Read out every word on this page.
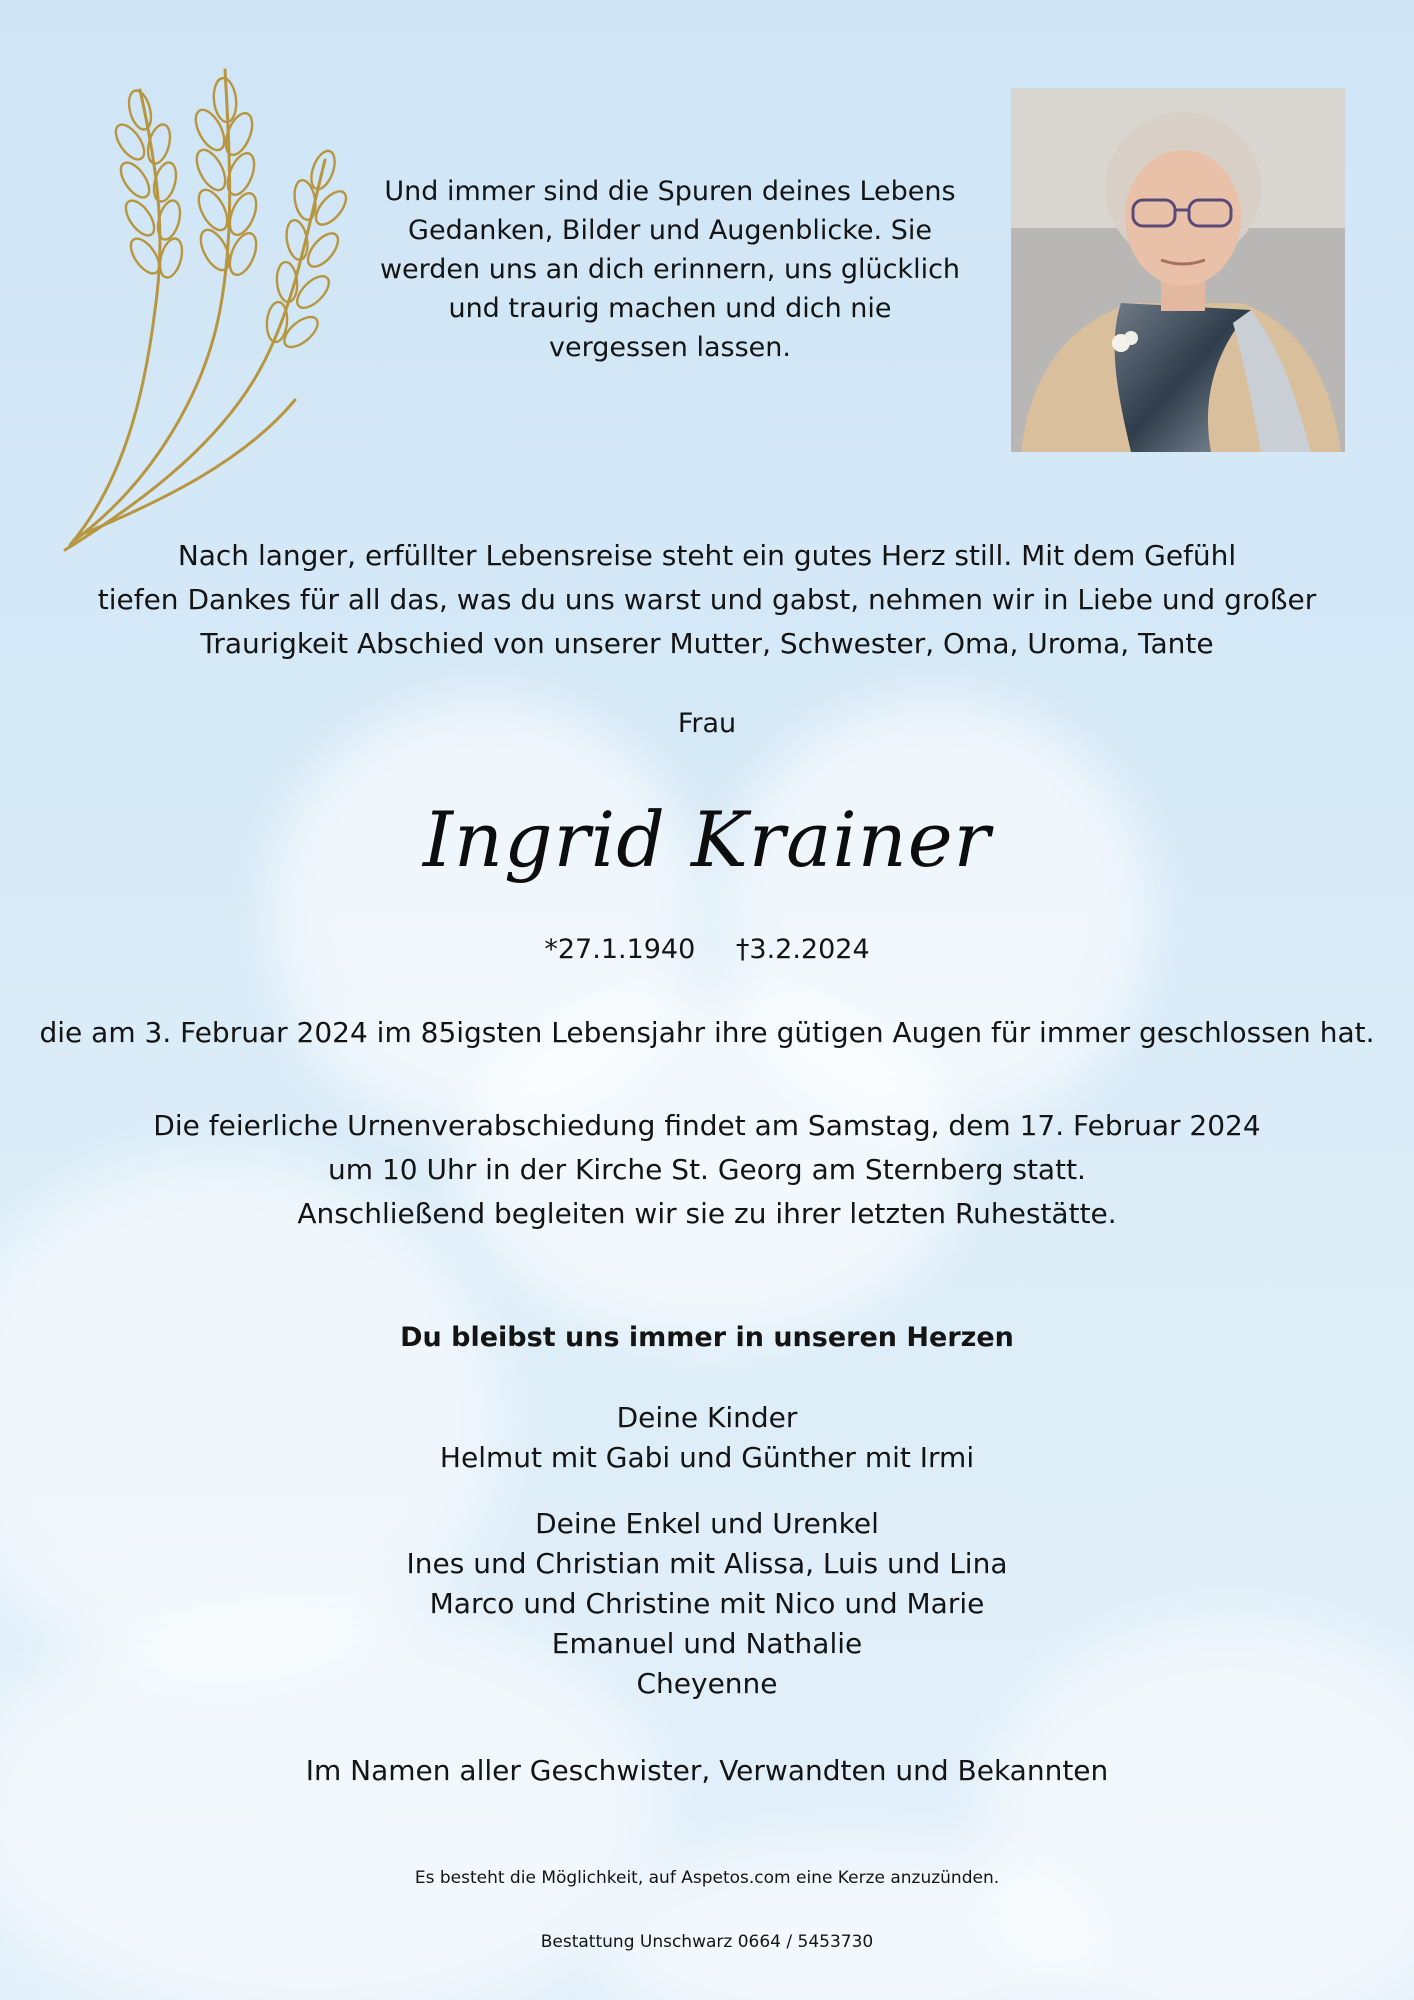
Und immer sind die Spuren deines Lebens
Gedanken, Bilder und Augenblicke. Sie
werden uns an dich erinnern, uns glücklich
und traurig machen und dich nie
vergessen lassen.
Nach langer, erfüllter Lebensreise steht ein gutes Herz still. Mit dem Gefühl
tiefen Dankes für all das, was du uns warst und gabst, nehmen wir in Liebe und großer
Traurigkeit Abschied von unserer Mutter, Schwester, Oma, Uroma, Tante
Frau
Ingrid Krainer
*27.1.1940 †3.2.2024
die am 3. Februar 2024 im 85igsten Lebensjahr ihre gütigen Augen für immer geschlossen hat.
Die feierliche Urnenverabschiedung findet am Samstag, dem 17. Februar 2024
um 10 Uhr in der Kirche St. Georg am Sternberg statt.
Anschließend begleiten wir sie zu ihrer letzten Ruhestätte.
Du bleibst uns immer in unseren Herzen
Deine Kinder
Helmut mit Gabi und Günther mit Irmi
Deine Enkel und Urenkel
Ines und Christian mit Alissa, Luis und Lina
Marco und Christine mit Nico und Marie
Emanuel und Nathalie
Cheyenne
Im Namen aller Geschwister, Verwandten und Bekannten
Es besteht die Möglichkeit, auf Aspetos.com eine Kerze anzuzünden.
Bestattung Unschwarz 0664 / 5453730
